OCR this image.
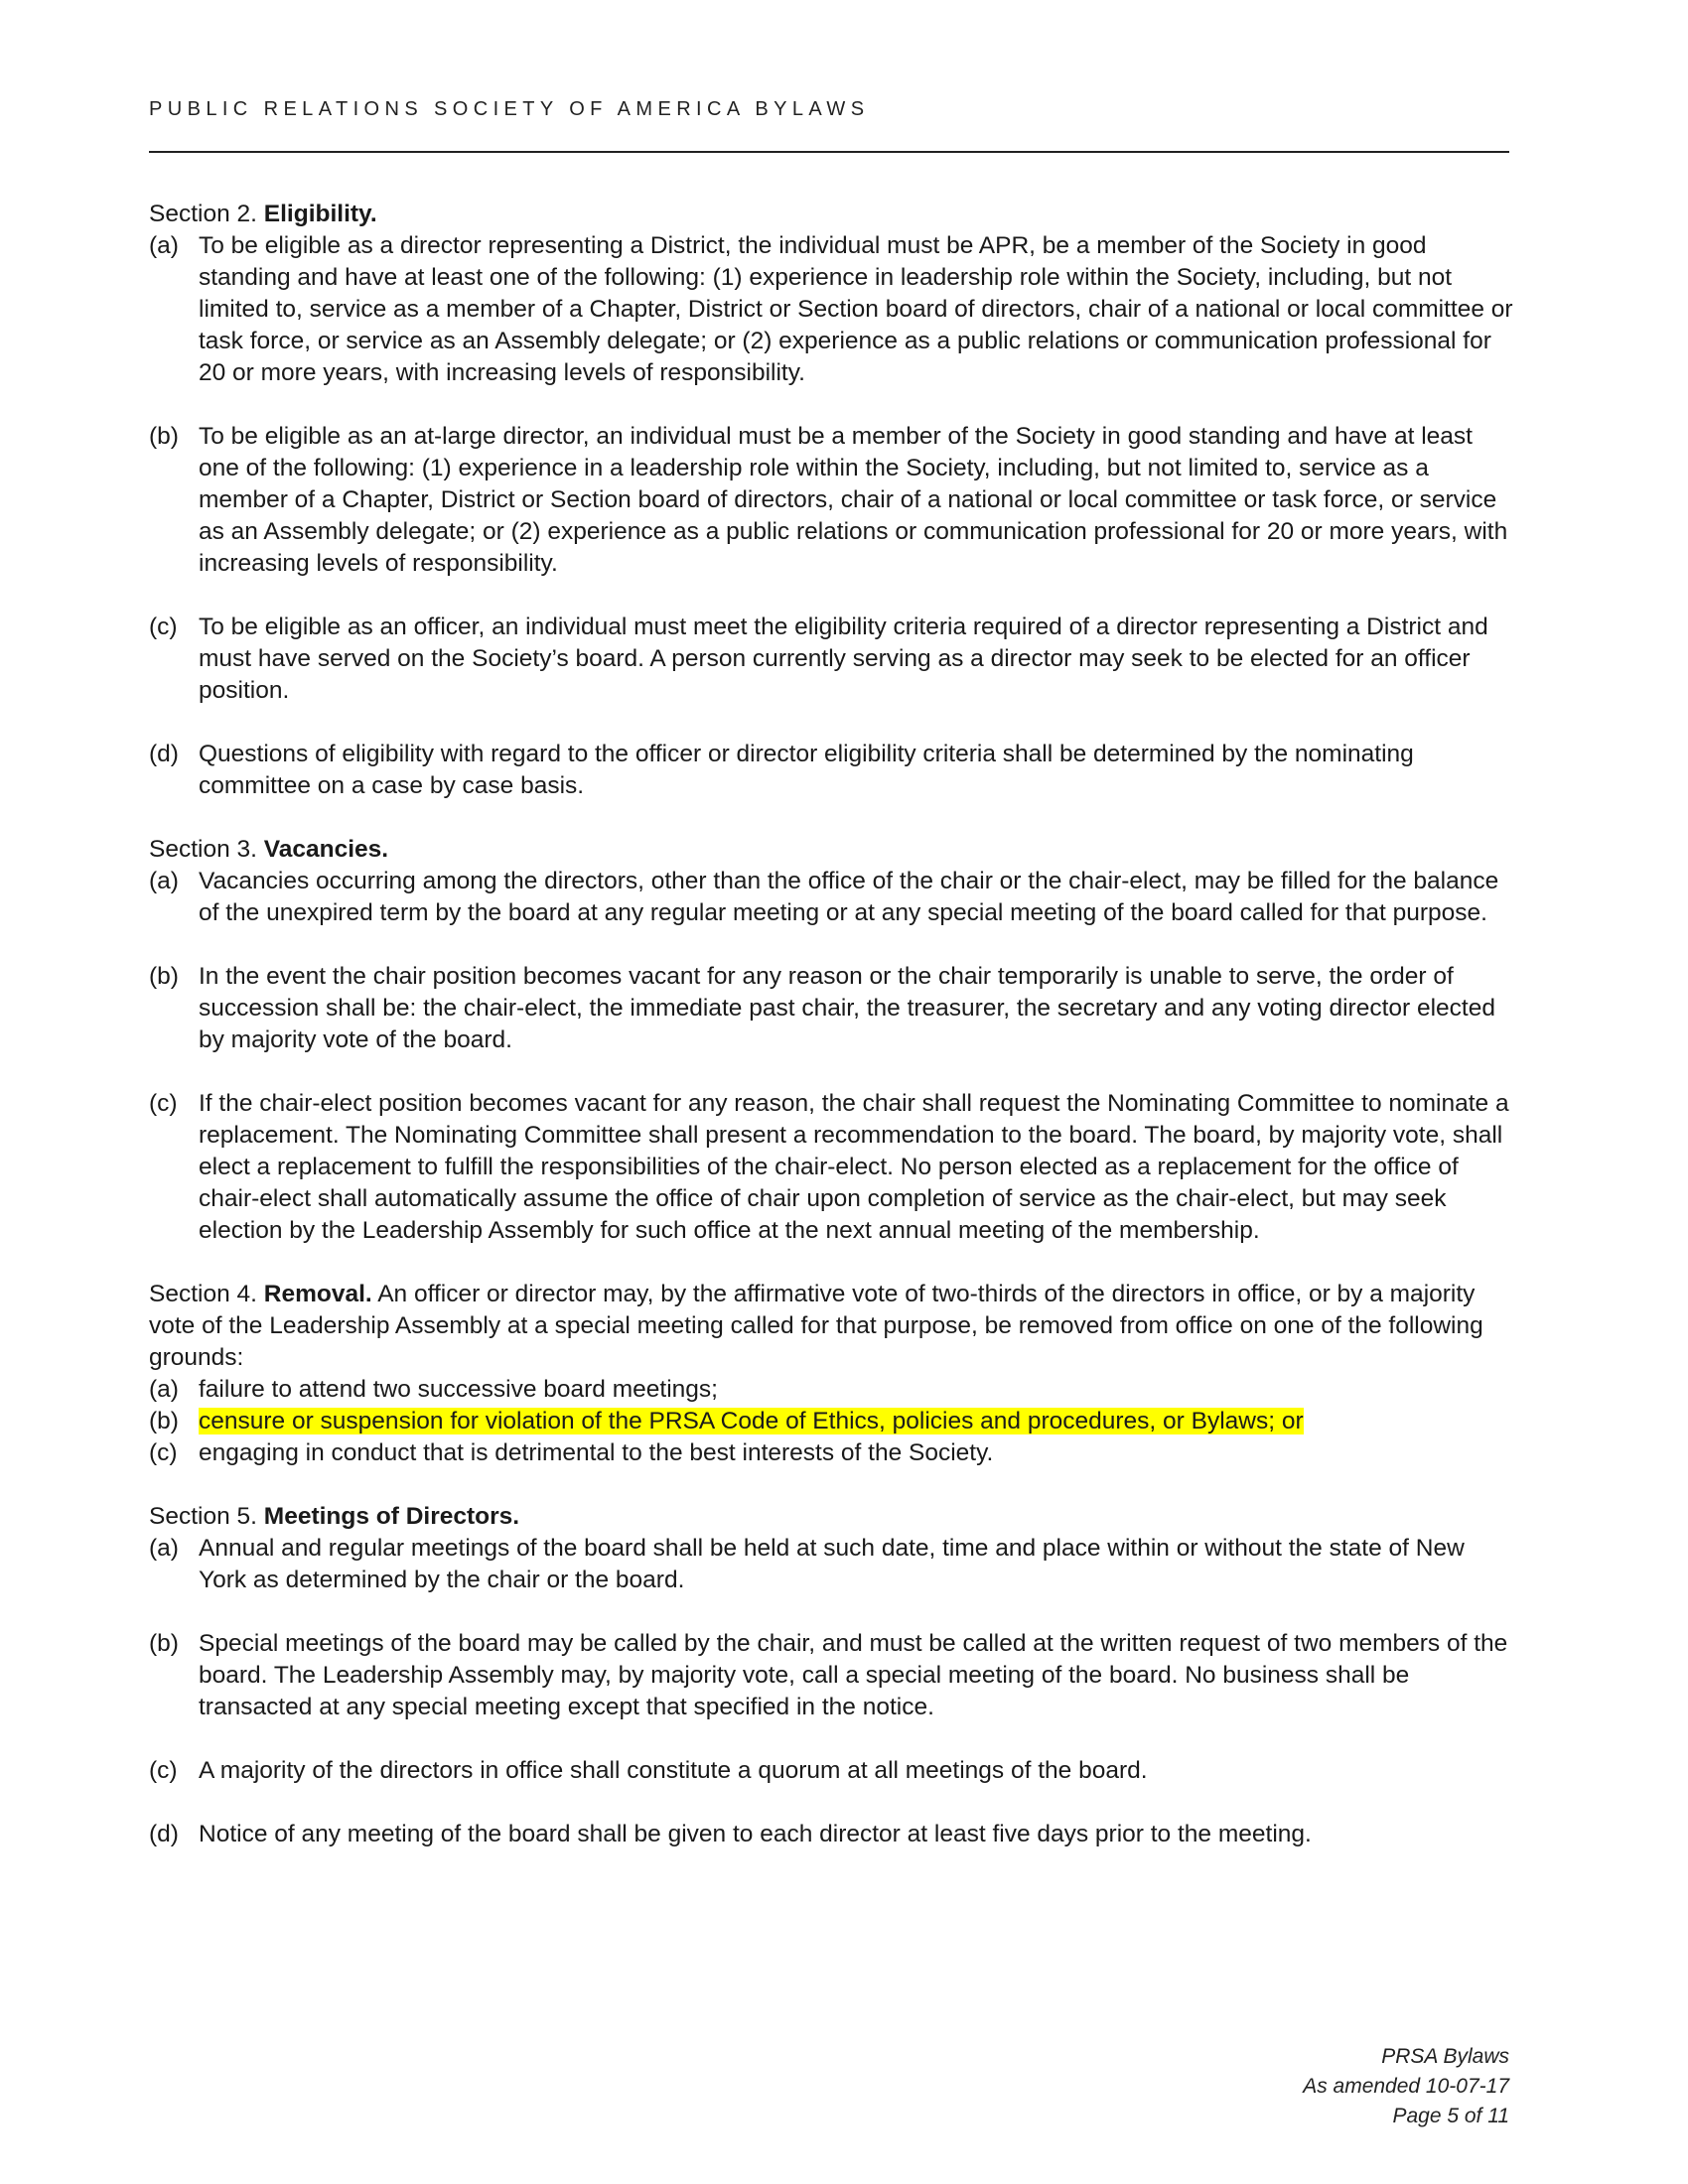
PUBLIC RELATIONS SOCIETY OF AMERICA BYLAWS

Section 2. Eligibility.

(a) To be eligible as a director representing a District, the individual must be APR, be a member of the Society in good standing and have at least one of the following: (1) experience in leadership role within the Society, including, but not limited to, service as a member of a Chapter, District or Section board of directors, chair of a national or local committee or task force, or service as an Assembly delegate; or (2) experience as a public relations or communication professional for 20 or more years, with increasing levels of responsibility.
(b) To be eligible as an at-large director, an individual must be a member of the Society in good standing and have at least one of the following: (1) experience in a leadership role within the Society, including, but not limited to, service as a member of a Chapter, District or Section board of directors, chair of a national or local committee or task force, or service as an Assembly delegate; or (2) experience as a public relations or communication professional for 20 or more years, with increasing levels of responsibility.
(c) To be eligible as an officer, an individual must meet the eligibility criteria required of a director representing a District and must have served on the Society’s board. A person currently serving as a director may seek to be elected for an officer position.
(d) Questions of eligibility with regard to the officer or director eligibility criteria shall be determined by the nominating committee on a case by case basis.

Section 3. Vacancies.

(a) Vacancies occurring among the directors, other than the office of the chair or the chair-elect, may be filled for the balance of the unexpired term by the board at any regular meeting or at any special meeting of the board called for that purpose.
(b) In the event the chair position becomes vacant for any reason or the chair temporarily is unable to serve, the order of succession shall be: the chair-elect, the immediate past chair, the treasurer, the secretary and any voting director elected by majority vote of the board.
(c) If the chair-elect position becomes vacant for any reason, the chair shall request the Nominating Committee to nominate a replacement. The Nominating Committee shall present a recommendation to the board. The board, by majority vote, shall elect a replacement to fulfill the responsibilities of the chair-elect. No person elected as a replacement for the office of chair-elect shall automatically assume the office of chair upon completion of service as the chair-elect, but may seek election by the Leadership Assembly for such office at the next annual meeting of the membership.

Section 4. Removal. An officer or director may, by the affirmative vote of two-thirds of the directors in office, or by a majority vote of the Leadership Assembly at a special meeting called for that purpose, be removed from office on one of the following grounds:

(a) failure to attend two successive board meetings;
(b) censure or suspension for violation of the PRSA Code of Ethics, policies and procedures, or Bylaws; or
(c) engaging in conduct that is detrimental to the best interests of the Society.

Section 5. Meetings of Directors.

(a) Annual and regular meetings of the board shall be held at such date, time and place within or without the state of New York as determined by the chair or the board.
(b) Special meetings of the board may be called by the chair, and must be called at the written request of two members of the board. The Leadership Assembly may, by majority vote, call a special meeting of the board. No business shall be transacted at any special meeting except that specified in the notice.
(c) A majority of the directors in office shall constitute a quorum at all meetings of the board.
(d) Notice of any meeting of the board shall be given to each director at least five days prior to the meeting.
PRSA Bylaws
As amended 10-07-17
Page 5 of 11
